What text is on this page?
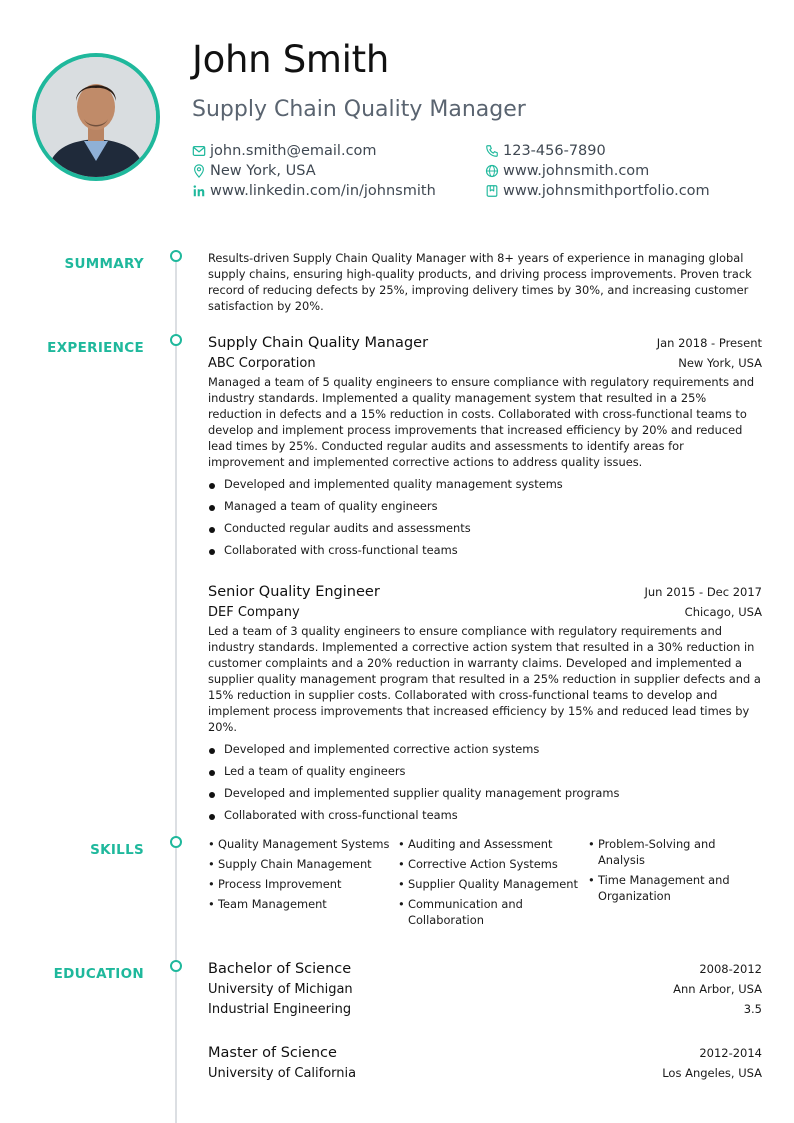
John Smith
Supply Chain Quality Manager
john.smith@email.com	123-456-7890
New York, USA	www.johnsmith.com
www.linkedin.com/in/johnsmith	www.johnsmithportfolio.com
SUMMARY	Results-driven Supply Chain Quality Manager with 8+ years of experience in managing global supply chains, ensuring high-quality products, and driving process improvements. Proven track record of reducing defects by 25%, improving delivery times by 30%, and increasing customer satisfaction by 20%.

EXPERIENCE	Supply Chain Quality Manager	Jan 2018 - Present
ABC Corporation	New York, USA

Managed a team of 5 quality engineers to ensure compliance with regulatory requirements and industry standards. Implemented a quality management system that resulted in a 25% reduction in defects and a 15% reduction in costs. Collaborated with cross-functional teams to develop and implement process improvements that increased efficiency by 20% and reduced lead times by 25%. Conducted regular audits and assessments to identify areas for improvement and implemented corrective actions to address quality issues.

Developed and implemented quality management systems
Managed a team of quality engineers
Conducted regular audits and assessments
Collaborated with cross-functional teams
Senior Quality Engineer	Jun 2015 - Dec 2017
DEF Company	Chicago, USA

Led a team of 3 quality engineers to ensure compliance with regulatory requirements and industry standards. Implemented a corrective action system that resulted in a 30% reduction in customer complaints and a 20% reduction in warranty claims. Developed and implemented a supplier quality management program that resulted in a 25% reduction in supplier defects and a 15% reduction in supplier costs. Collaborated with cross-functional teams to develop and implement process improvements that increased efficiency by 15% and reduced lead times by 20%.

Developed and implemented corrective action systems
Led a team of quality engineers
Developed and implemented supplier quality management programs
Collaborated with cross-functional teams
SKILLS
•	Quality Management Systems
• Supply Chain Management
• Process Improvement
• Team Management
• Auditing and Assessment
• Corrective Action Systems
• Supplier Quality Management
• Communication and Collaboration
• Problem-Solving and Analysis
• Time Management and Organization
EDUCATION	Bachelor of Science	2008-2012
University of Michigan	Ann Arbor, USA
Industrial Engineering	3.5
Master of Science	2012-2014
University of California	Los Angeles, USA
